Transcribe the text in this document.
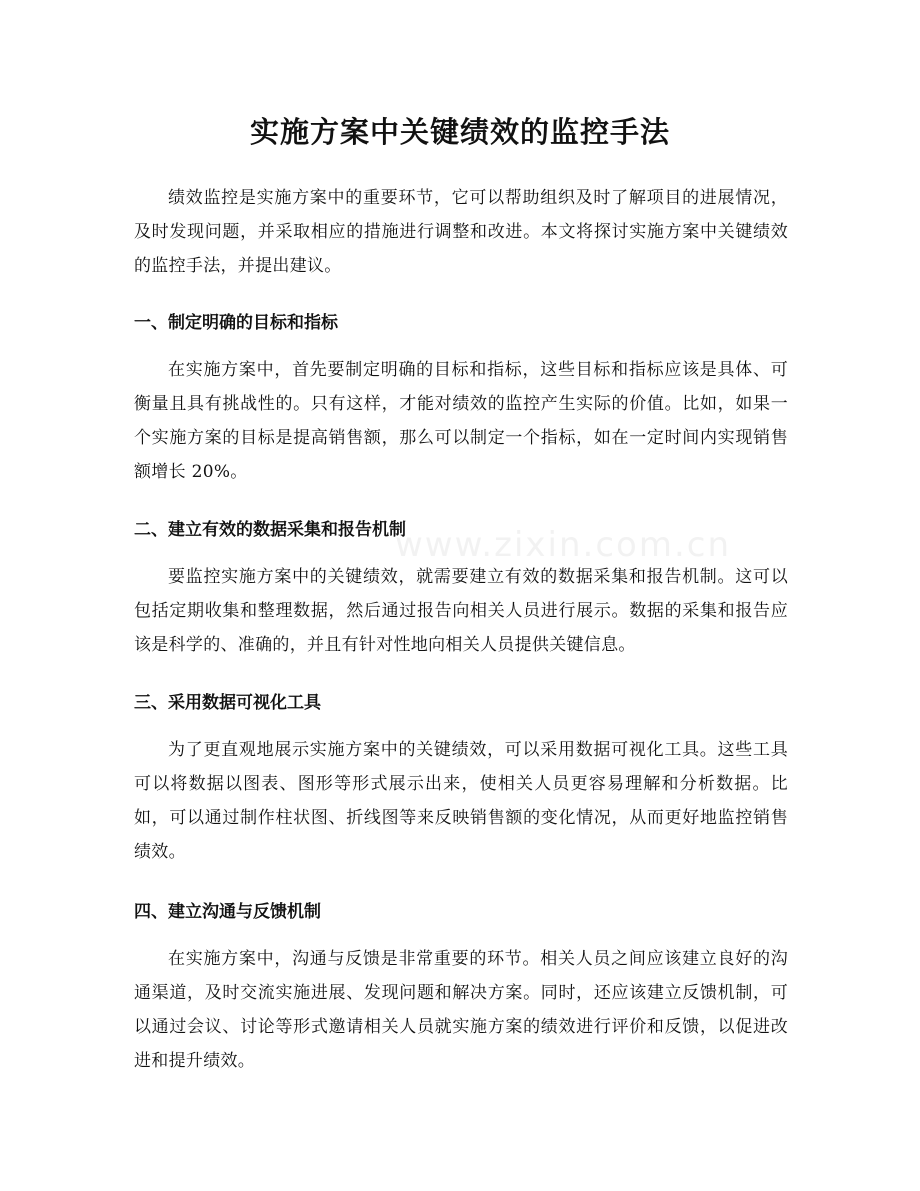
www.zixin.com.cn
实施方案中关键绩效的监控手法

绩效监控是实施方案中的重要环节，它可以帮助组织及时了解项目的进展情况，及时发现问题，并采取相应的措施进行调整和改进。本文将探讨实施方案中关键绩效的监控手法，并提出建议。

一、制定明确的目标和指标

在实施方案中，首先要制定明确的目标和指标，这些目标和指标应该是具体、可衡量且具有挑战性的。只有这样，才能对绩效的监控产生实际的价值。比如，如果一个实施方案的目标是提高销售额，那么可以制定一个指标，如在一定时间内实现销售额增长 20%。

二、建立有效的数据采集和报告机制

要监控实施方案中的关键绩效，就需要建立有效的数据采集和报告机制。这可以包括定期收集和整理数据，然后通过报告向相关人员进行展示。数据的采集和报告应该是科学的、准确的，并且有针对性地向相关人员提供关键信息。

三、采用数据可视化工具

为了更直观地展示实施方案中的关键绩效，可以采用数据可视化工具。这些工具可以将数据以图表、图形等形式展示出来，使相关人员更容易理解和分析数据。比如，可以通过制作柱状图、折线图等来反映销售额的变化情况，从而更好地监控销售绩效。

四、建立沟通与反馈机制

在实施方案中，沟通与反馈是非常重要的环节。相关人员之间应该建立良好的沟通渠道，及时交流实施进展、发现问题和解决方案。同时，还应该建立反馈机制，可以通过会议、讨论等形式邀请相关人员就实施方案的绩效进行评价和反馈，以促进改进和提升绩效。
